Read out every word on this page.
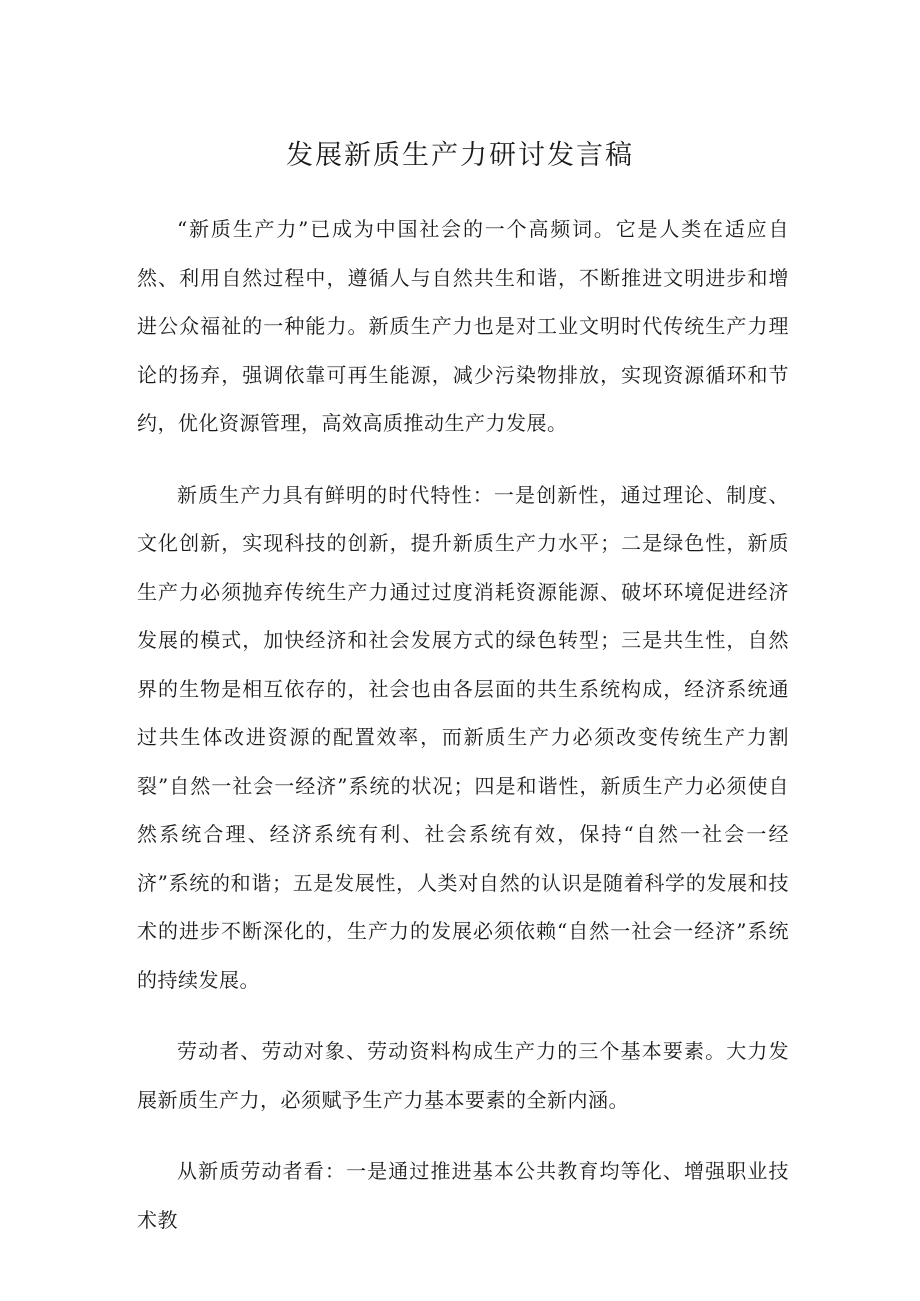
发展新质生产力研讨发言稿

“新质生产力”已成为中国社会的一个高频词。它是人类在适应自然、利用自然过程中，遵循人与自然共生和谐，不断推进文明进步和增进公众福祉的一种能力。新质生产力也是对工业文明时代传统生产力理论的扬弃，强调依靠可再生能源，减少污染物排放，实现资源循环和节约，优化资源管理，高效高质推动生产力发展。

新质生产力具有鲜明的时代特性：一是创新性，通过理论、制度、文化创新，实现科技的创新，提升新质生产力水平；二是绿色性，新质生产力必须抛弃传统生产力通过过度消耗资源能源、破坏环境促进经济发展的模式，加快经济和社会发展方式的绿色转型；三是共生性，自然界的生物是相互依存的，社会也由各层面的共生系统构成，经济系统通过共生体改进资源的配置效率，而新质生产力必须改变传统生产力割裂”自然一社会一经济”系统的状况；四是和谐性，新质生产力必须使自然系统合理、经济系统有利、社会系统有效，保持“自然一社会一经济”系统的和谐；五是发展性，人类对自然的认识是随着科学的发展和技术的进步不断深化的，生产力的发展必须依赖“自然一社会一经济”系统的持续发展。

劳动者、劳动对象、劳动资料构成生产力的三个基本要素。大力发展新质生产力，必须赋予生产力基本要素的全新内涵。

从新质劳动者看：一是通过推进基本公共教育均等化、增强职业技术教
